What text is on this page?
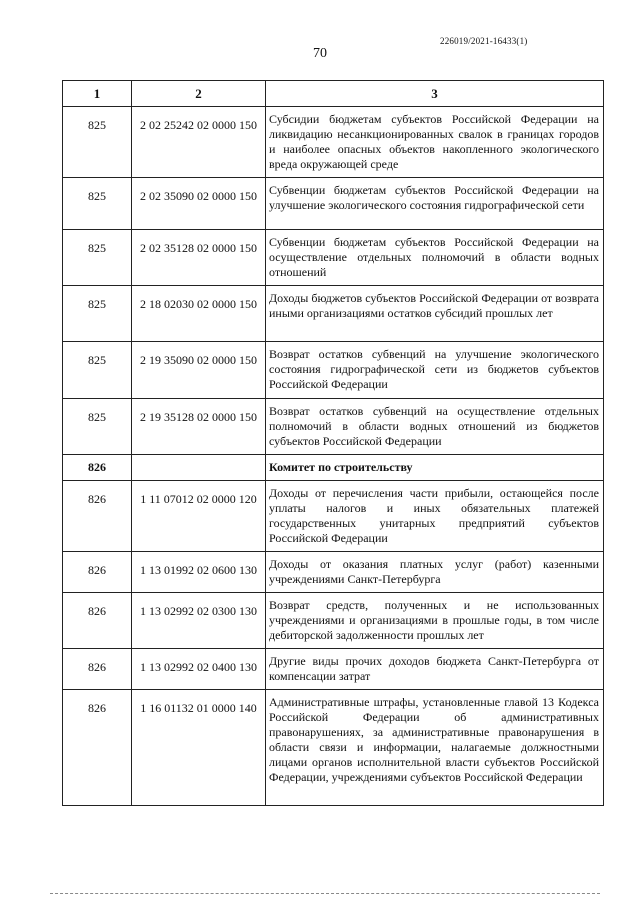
226019/2021-16433(1)
70
1	2	3

825	2 02 25242 02 0000 150	Субсидии бюджетам субъектов Российской Федерации на ликвидацию несанкционированных свалок в границах городов и наиболее опасных объектов накопленного экологического вреда окружающей среде

825	2 02 35090 02 0000 150	Субвенции бюджетам субъектов Российской Федерации на улучшение экологического состояния гидрографической сети

825	2 02 35128 02 0000 150	Субвенции бюджетам субъектов Российской Федерации на осуществление отдельных полномочий в области водных отношений

825	2 18 02030 02 0000 150	Доходы бюджетов субъектов Российской Федерации от возврата иными организациями остатков субсидий прошлых лет

825	2 19 35090 02 0000 150	Возврат остатков субвенций на улучшение экологического состояния гидрографической сети из бюджетов субъектов Российской Федерации

825	2 19 35128 02 0000 150	Возврат остатков субвенций на осуществление отдельных полномочий в области водных отношений из бюджетов субъектов Российской Федерации

826		Комитет по строительству

826	1 11 07012 02 0000 120	Доходы от перечисления части прибыли, остающейся после уплаты налогов и иных обязательных платежей государственных унитарных предприятий субъектов Российской Федерации

826	1 13 01992 02 0600 130	Доходы от оказания платных услуг (работ) казенными учреждениями Санкт-Петербурга

826	1 13 02992 02 0300 130	Возврат средств, полученных и не использованных учреждениями и организациями в прошлые годы, в том числе дебиторской задолженности прошлых лет

826	1 13 02992 02 0400 130	Другие виды прочих доходов бюджета Санкт-Петербурга от компенсации затрат

826	1 16 01132 01 0000 140	Административные штрафы, установленные главой 13 Кодекса Российской Федерации об административных правонарушениях, за административные правонарушения в области связи и информации, налагаемые должностными лицами органов исполнительной власти субъектов Российской Федерации, учреждениями субъектов Российской Федерации
